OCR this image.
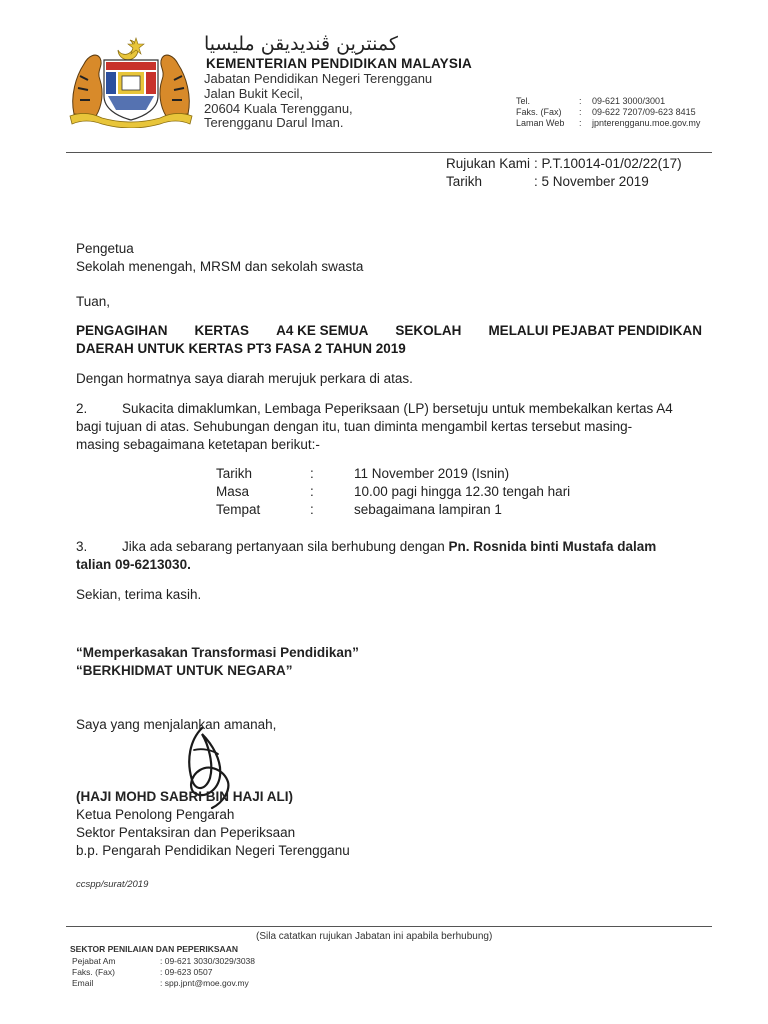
كمنترين ڤنديديقن مليسيا
KEMENTERIAN PENDIDIKAN MALAYSIA
Jabatan Pendidikan Negeri Terengganu
Jalan Bukit Kecil,
20604 Kuala Terengganu,
Terengganu Darul Iman.
Tel.	: 09-621 3000/3001
Faks. (Fax) : 09-622 7207/09-623 8415
Laman Web : jpnterengganu.moe.gov.my
Rujukan Kami : P.T.10014-01/02/22(17)
Tarikh	: 5 November 2019
Pengetua
Sekolah menengah, MRSM dan sekolah swasta
Tuan,
PENGAGIHAN KERTAS A4 KE SEMUA SEKOLAH MELALUI PEJABAT PENDIDIKAN
DAERAH UNTUK KERTAS PT3 FASA 2 TAHUN 2019
Dengan hormatnya saya diarah merujuk perkara di atas.
2.	Sukacita dimaklumkan, Lembaga Peperiksaan (LP) bersetuju untuk membekalkan kertas A4
bagi tujuan di atas. Sehubungan dengan itu, tuan diminta mengambil kertas tersebut masing-
masing sebagaimana ketetapan berikut:-
Tarikh	:	11 November 2019 (Isnin)
Masa	:	10.00 pagi hingga 12.30 tengah hari
Tempat	:	sebagaimana lampiran 1
3.	Jika ada sebarang pertanyaan sila berhubung dengan Pn. Rosnida binti Mustafa dalam
talian 09-6213030.
Sekian, terima kasih.
“Memperkasakan Transformasi Pendidikan”
“BERKHIDMAT UNTUK NEGARA”
Saya yang menjalankan amanah,
(HAJI MOHD SABRI BIN HAJI ALI)
Ketua Penolong Pengarah
Sektor Pentaksiran dan Peperiksaan
b.p. Pengarah Pendidikan Negeri Terengganu
ccspp/surat/2019
(Sila catatkan rujukan Jabatan ini apabila berhubung)
SEKTOR PENILAIAN DAN PEPERIKSAAN
Pejabat Am	: 09-621 3030/3029/3038
Faks. (Fax)	: 09-623 0507
Email	: spp.jpnt@moe.gov.my
